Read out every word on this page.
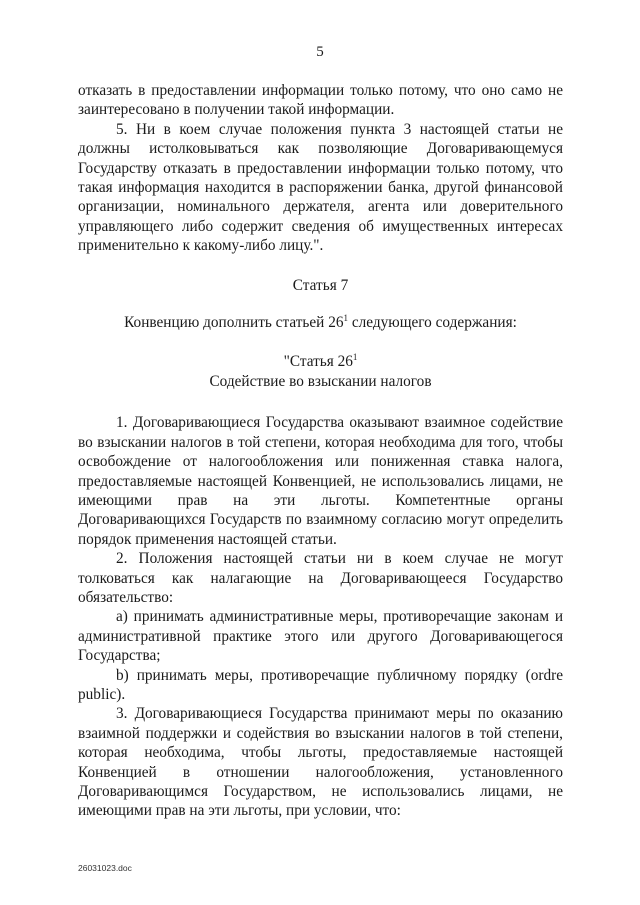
5

отказать в предоставлении информации только потому, что оно само не заинтересовано в получении такой информации.

5. Ни в коем случае положения пункта 3 настоящей статьи не должны истолковываться как позволяющие Договаривающемуся Государству отказать в предоставлении информации только потому, что такая информация находится в распоряжении банка, другой финансовой организации, номинального держателя, агента или доверительного управляющего либо содержит сведения об имущественных интересах применительно к какому-либо лицу.".

Статья 7

Конвенцию дополнить статьей $26^1$ следующего содержания:

"Статья $26^1$

Содействие во взыскании налогов

1. Договаривающиеся Государства оказывают взаимное содействие во взыскании налогов в той степени, которая необходима для того, чтобы освобождение от налогообложения или пониженная ставка налога, предоставляемые настоящей Конвенцией, не использовались лицами, не имеющими прав на эти льготы. Компетентные органы Договаривающихся Государств по взаимному согласию могут определить порядок применения настоящей статьи.

2. Положения настоящей статьи ни в коем случае не могут толковаться как налагающие на Договаривающееся Государство обязательство:

a) принимать административные меры, противоречащие законам и административной практике этого или другого Договаривающегося Государства;

b) принимать меры, противоречащие публичному порядку (ordre public).

3. Договаривающиеся Государства принимают меры по оказанию взаимной поддержки и содействия во взыскании налогов в той степени, которая необходима, чтобы льготы, предоставляемые настоящей Конвенцией в отношении налогообложения, установленного Договаривающимся Государством, не использовались лицами, не имеющими прав на эти льготы, при условии, что:

26031023.doc
